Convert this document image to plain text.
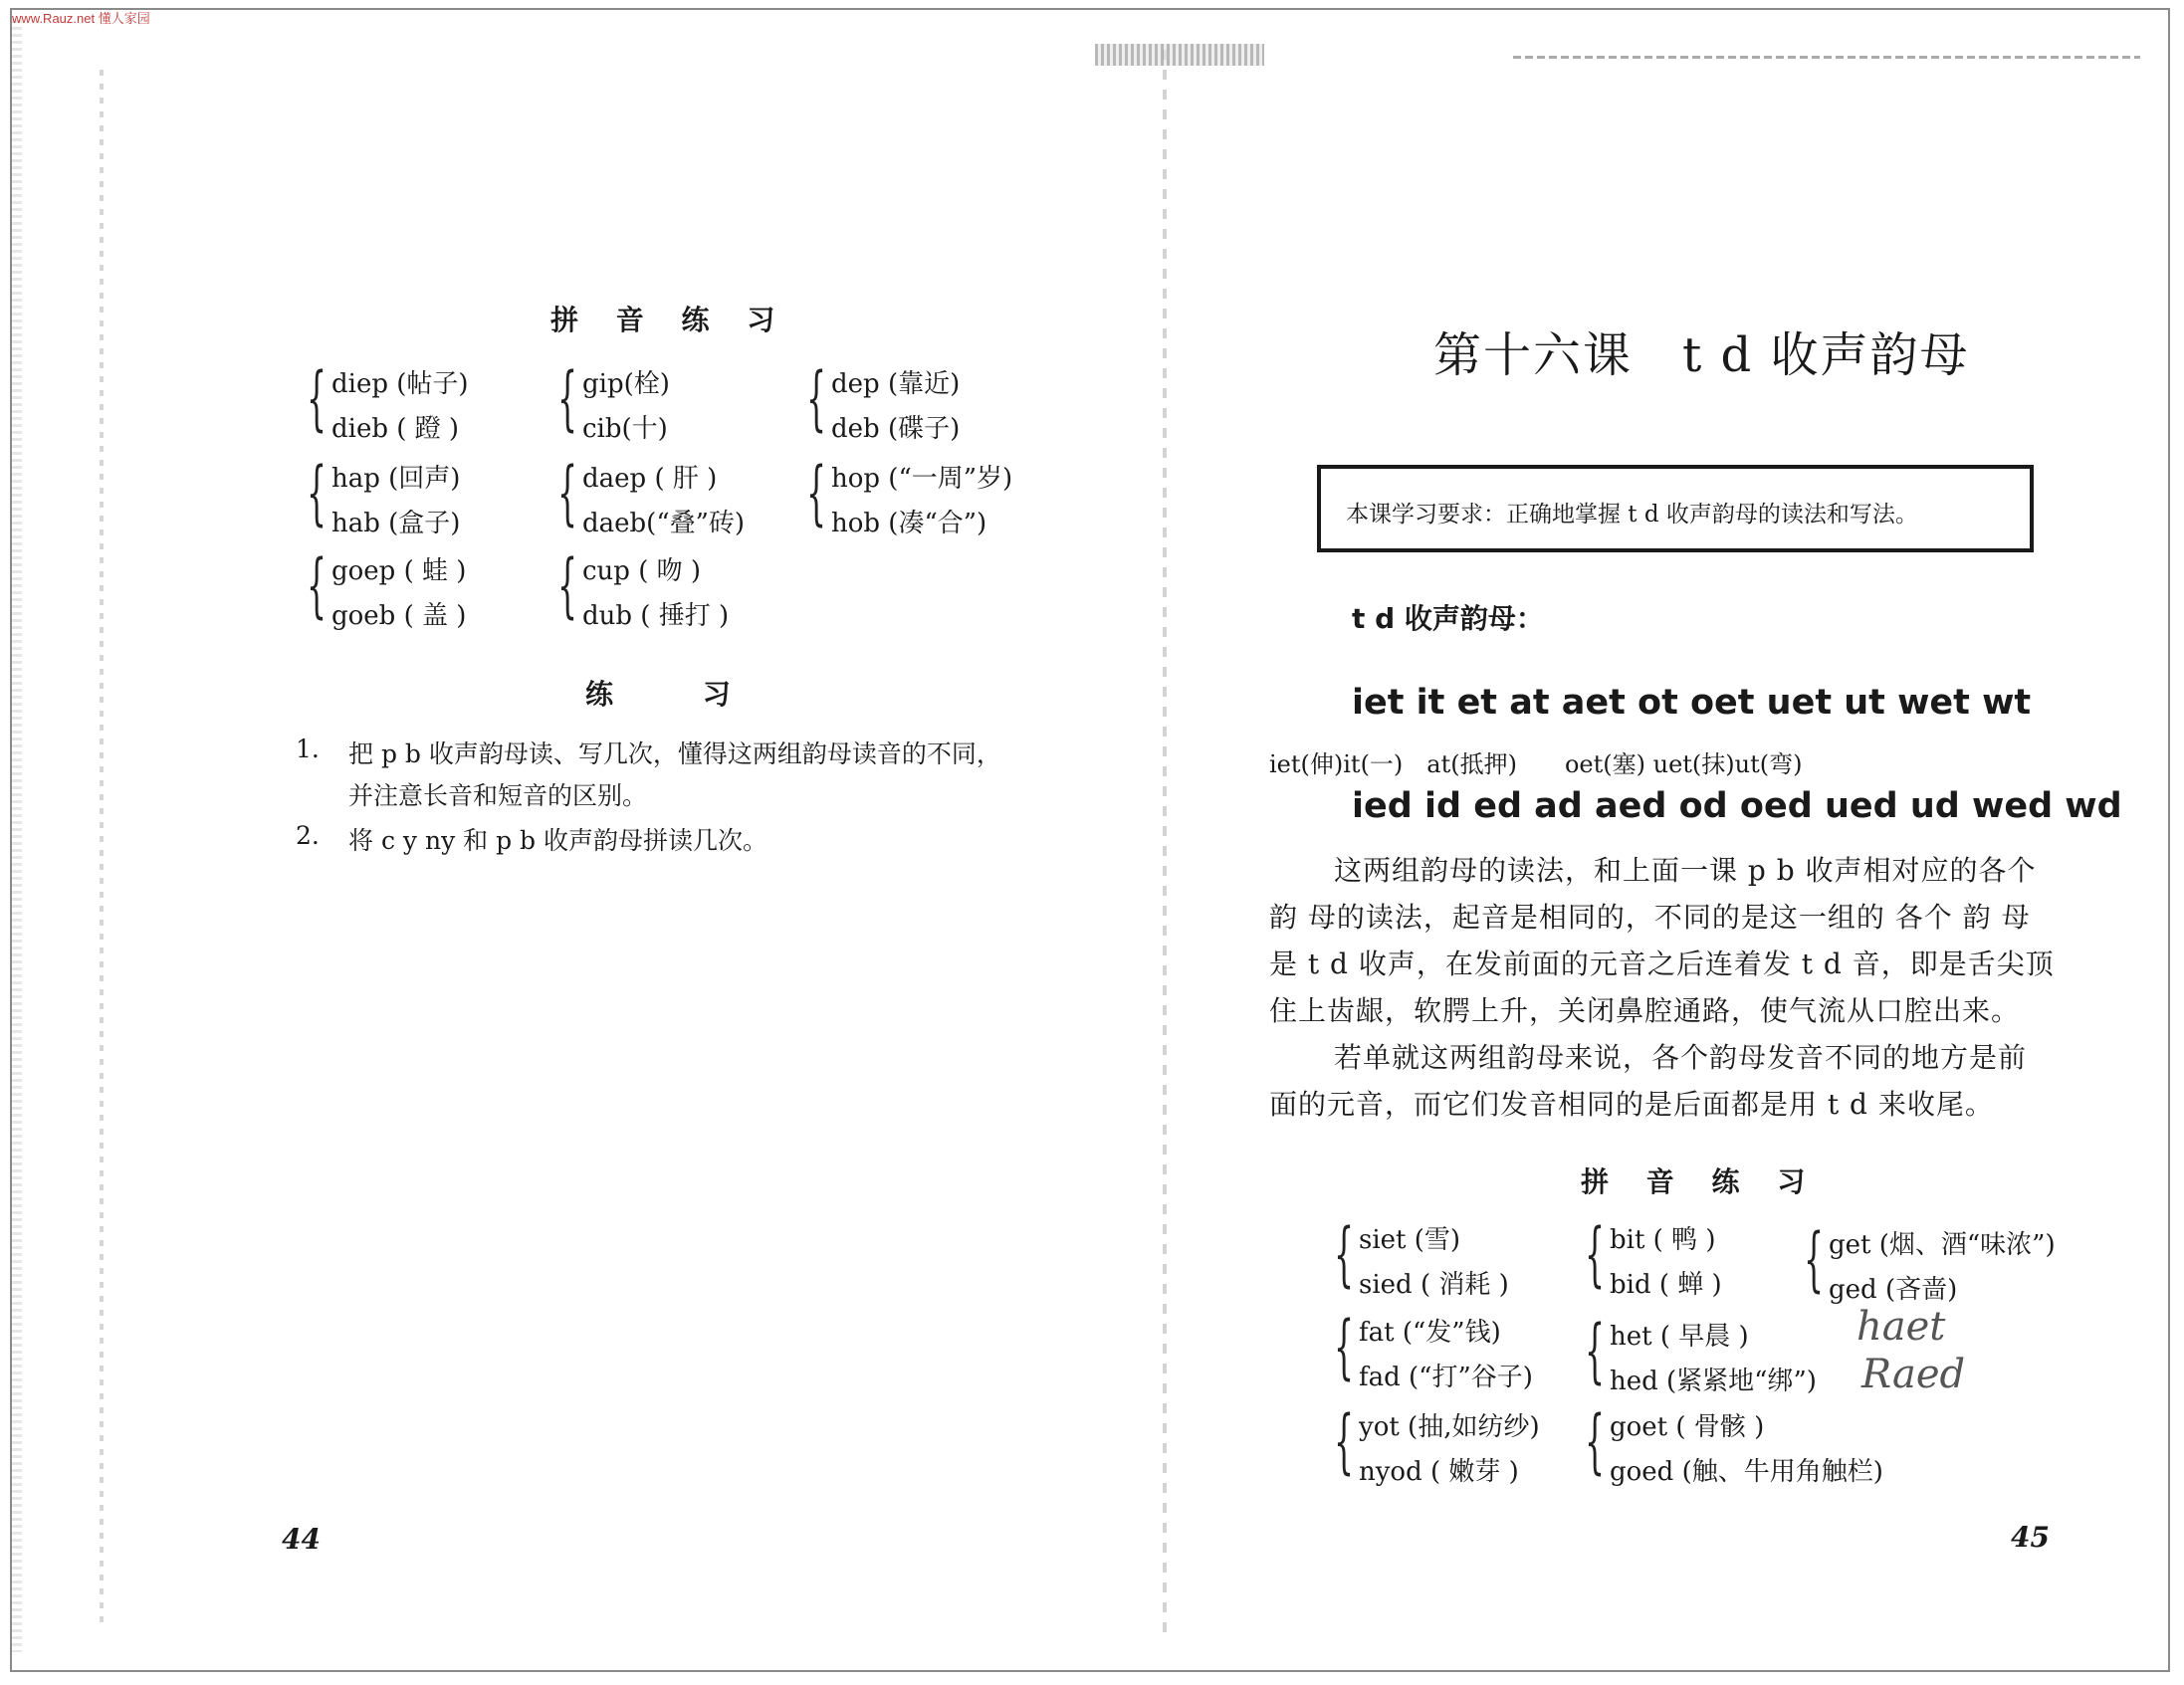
www.Rauz.net 懂人家园
拼 音 练 习
{ diep (帖子)
dieb ( 蹬 )
{ hap (回声)
hab (盒子)
{ goep ( 蛙 )
goeb ( 盖 )
{ gip(栓)
cib(十)
{ daep ( 肝 )
daeb(“叠”砖)
{ cup ( 吻 )
dub ( 捶打 )
{ dep (靠近)
deb (碟子)
{ hop (“一周”岁)
hob (凑“合”)
练 习
1. 把 p b 收声韵母读、写几次，懂得这两组韵母读音的不同，
并注意长音和短音的区别。
2. 将 c y ny 和 p b 收声韵母拼读几次。
44
第十六课　t d 收声韵母
本课学习要求：正确地掌握 t d 收声韵母的读法和写法。
t d 收声韵母：
iet it et at aet ot oet uet ut wet wt
iet(伸)it(一)　at(抵押)　　oet(塞) uet(抹)ut(弯)
ied id ed ad aed od oed ued ud wed wd
这两组韵母的读法，和上面一课 p b 收声相对应的各个
韵 母的读法，起音是相同的，不同的是这一组的 各个 韵 母
是 t d 收声，在发前面的元音之后连着发 t d 音，即是舌尖顶
住上齿龈，软腭上升，关闭鼻腔通路，使气流从口腔出来。
若单就这两组韵母来说，各个韵母发音不同的地方是前
面的元音，而它们发音相同的是后面都是用 t d 来收尾。
拼 音 练 习
{ siet (雪)
sied ( 消耗 )
{ fat (“发”钱)
fad (“打”谷子)
{ yot (抽,如纺纱)
nyod ( 嫩芽 )
{ bit ( 鸭 )
bid ( 蝉 )
{ het ( 早晨 )
hed (紧紧地“绑”)
{ goet ( 骨骸 )
goed (触、牛用角触栏)
{ get (烟、酒“味浓”)
ged (吝啬)
haet
Raed
45
